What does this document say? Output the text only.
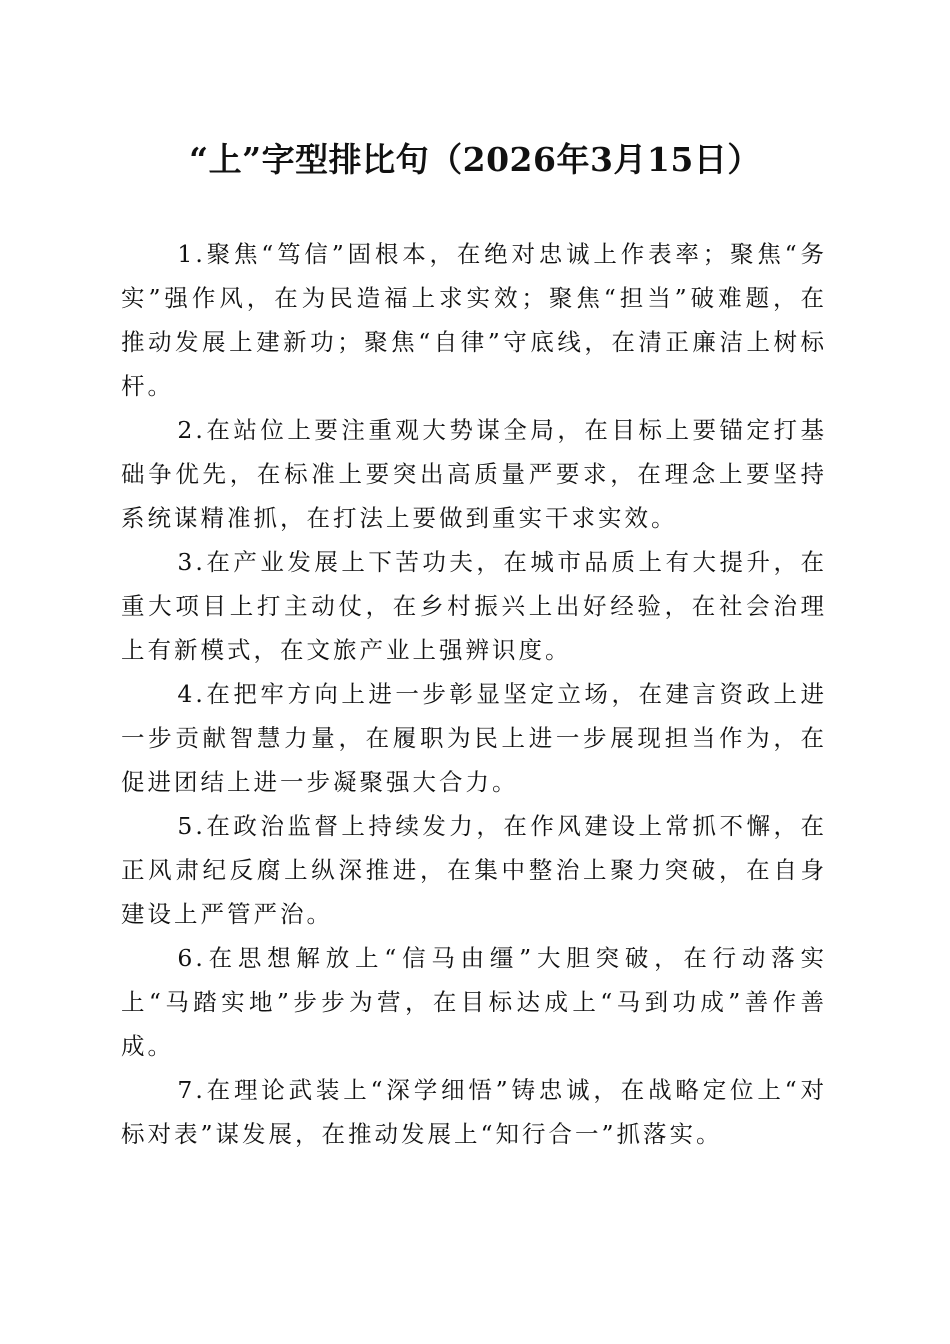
“上”字型排比句（2026年3月15日）

1.聚焦“笃信”固根本，在绝对忠诚上作表率；聚焦“务实”强作风，在为民造福上求实效；聚焦“担当”破难题，在推动发展上建新功；聚焦“自律”守底线，在清正廉洁上树标杆。

2.在站位上要注重观大势谋全局，在目标上要锚定打基础争优先，在标准上要突出高质量严要求，在理念上要坚持系统谋精准抓，在打法上要做到重实干求实效。

3.在产业发展上下苦功夫，在城市品质上有大提升，在重大项目上打主动仗，在乡村振兴上出好经验，在社会治理上有新模式，在文旅产业上强辨识度。

4.在把牢方向上进一步彰显坚定立场，在建言资政上进一步贡献智慧力量，在履职为民上进一步展现担当作为，在促进团结上进一步凝聚强大合力。

5.在政治监督上持续发力，在作风建设上常抓不懈，在正风肃纪反腐上纵深推进，在集中整治上聚力突破，在自身建设上严管严治。

6.在思想解放上“信马由缰”大胆突破，在行动落实上“马踏实地”步步为营，在目标达成上“马到功成”善作善成。

7.在理论武装上“深学细悟”铸忠诚，在战略定位上“对标对表”谋发展，在推动发展上“知行合一”抓落实。
